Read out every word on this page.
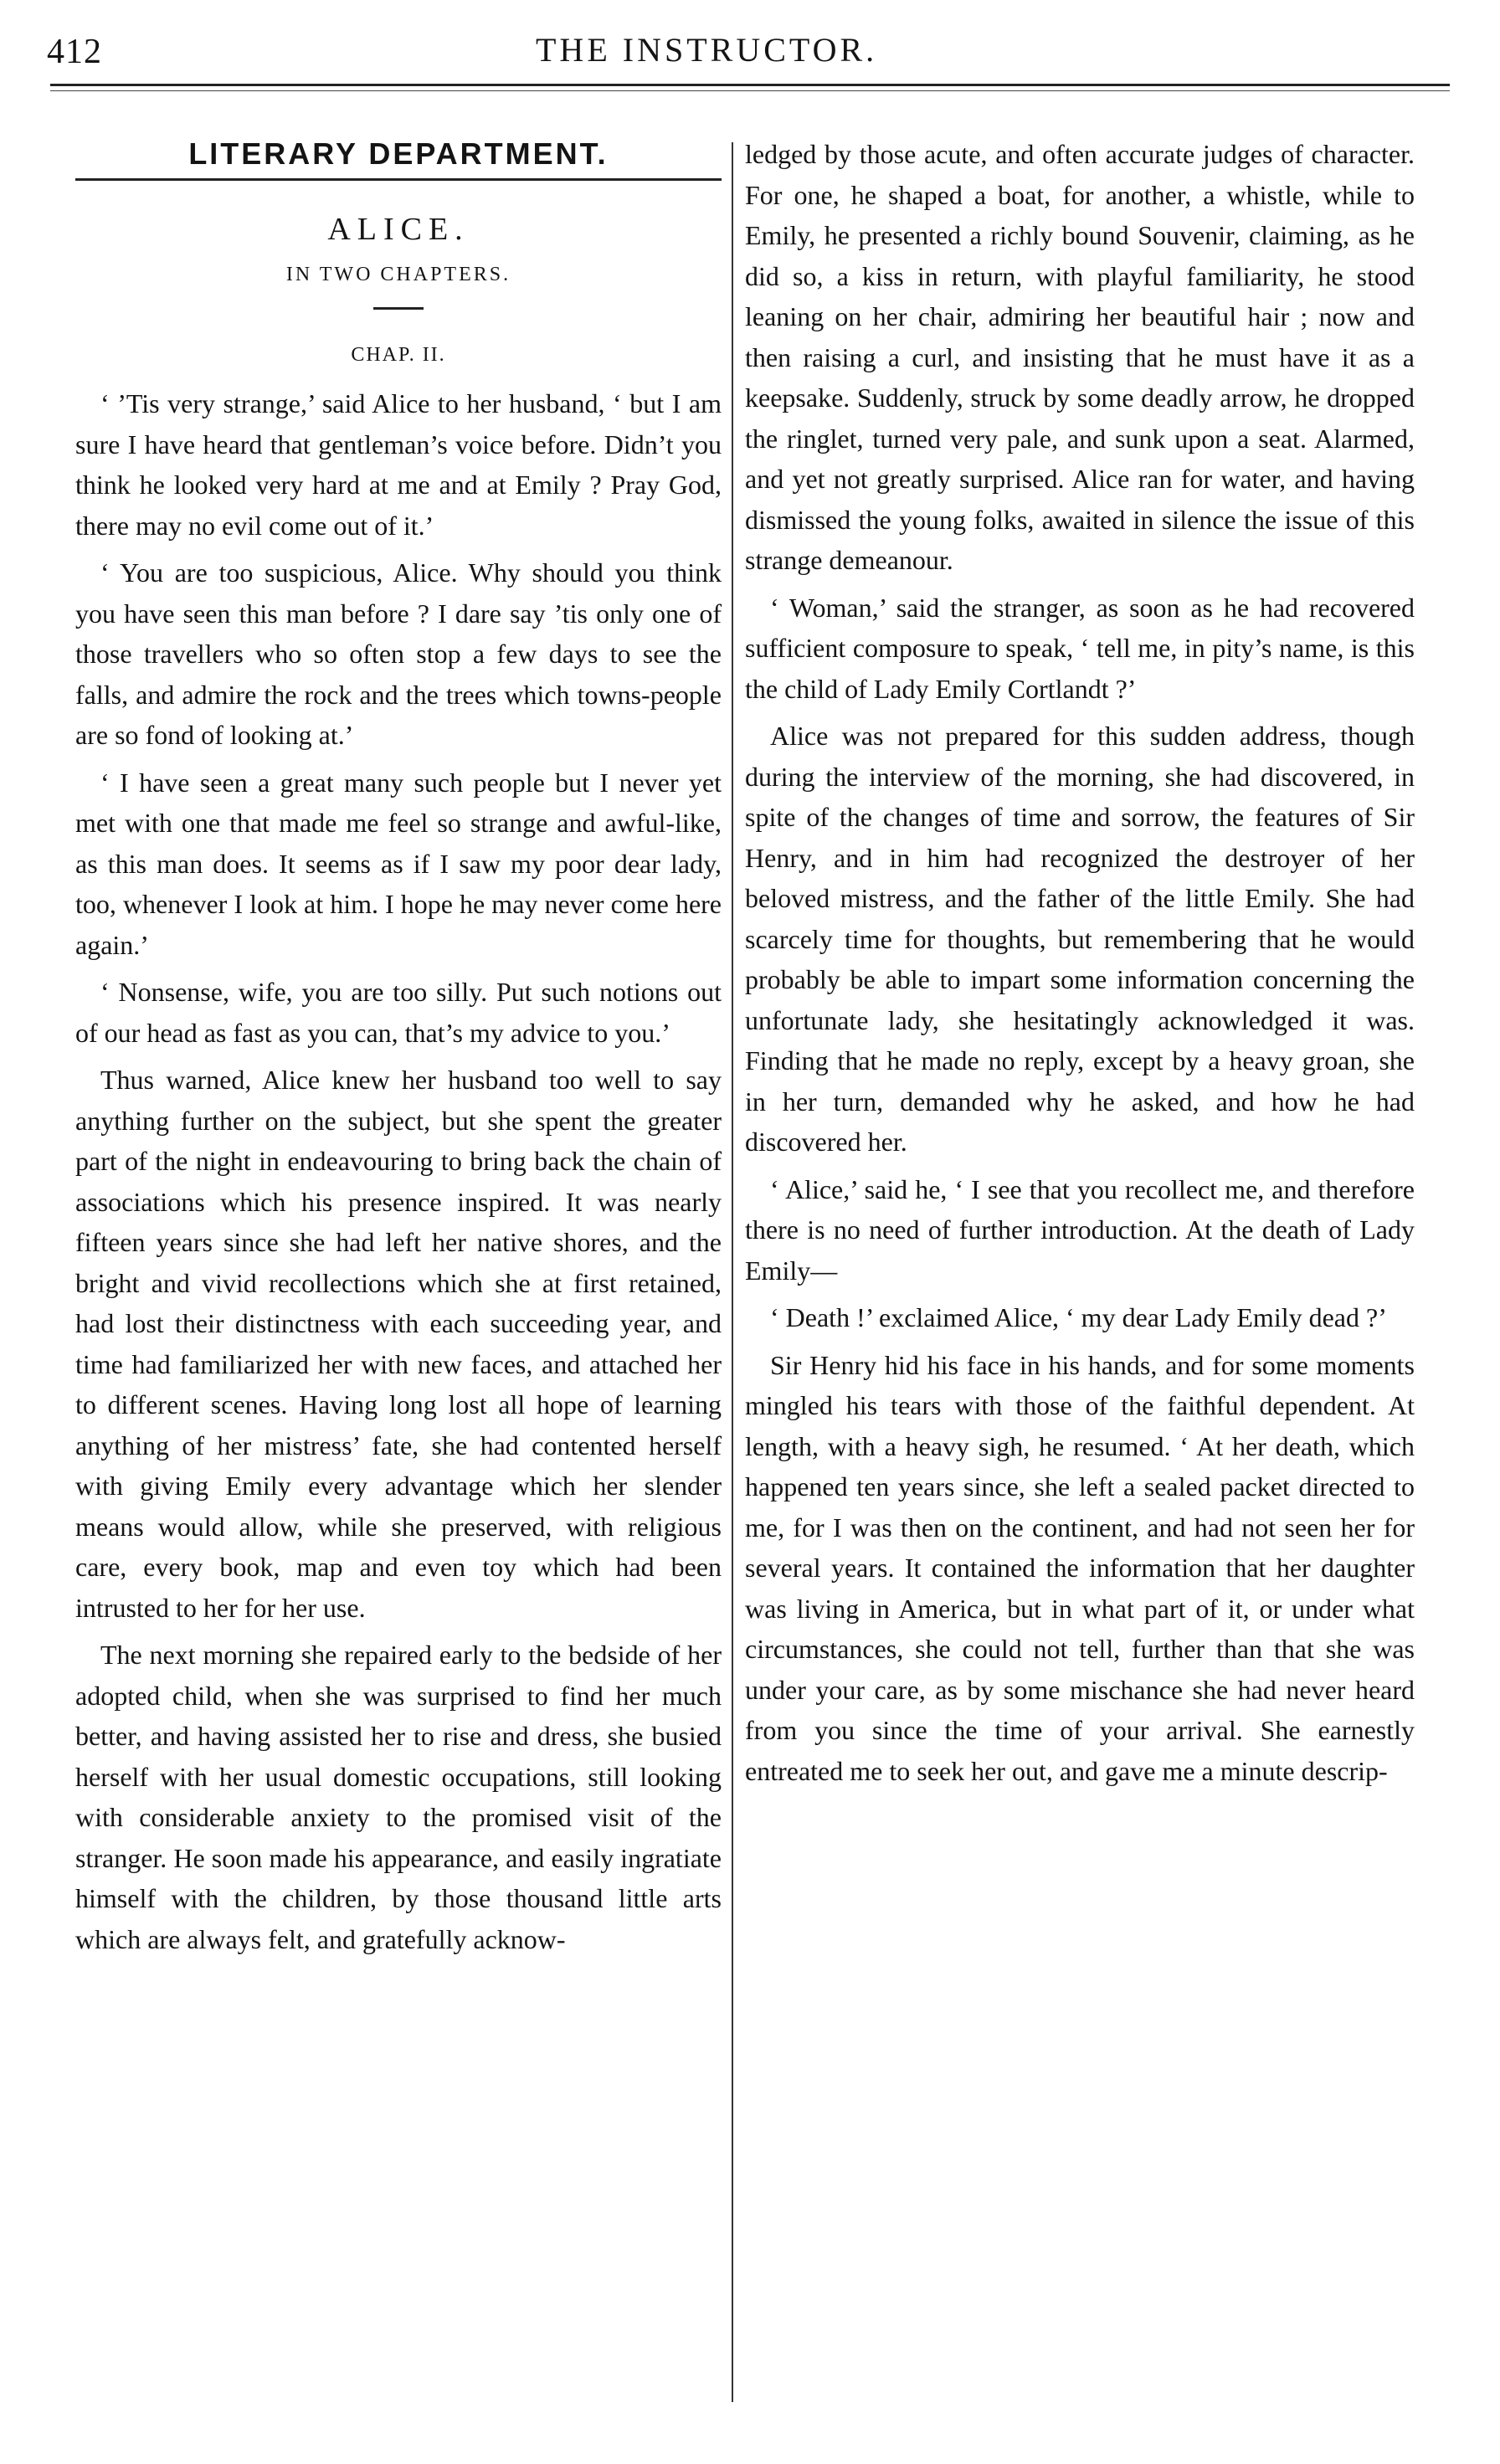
412	THE INSTRUCTOR.
LITERARY DEPARTMENT.
ALICE.
IN TWO CHAPTERS.
CHAP. II.

‘ ’Tis very strange,’ said Alice to her husband, ‘ but I am sure I have heard that gentleman’s voice before. Didn’t you think he looked very hard at me and at Emily ? Pray God, there may no evil come out of it.’

‘ You are too suspicious, Alice. Why should you think you have seen this man before ? I dare say ’tis only one of those travellers who so often stop a few days to see the falls, and admire the rock and the trees which towns-people are so fond of looking at.’

‘ I have seen a great many such people but I never yet met with one that made me feel so strange and awful-like, as this man does. It seems as if I saw my poor dear lady, too, whenever I look at him. I hope he may never come here again.’

‘ Nonsense, wife, you are too silly. Put such notions out of our head as fast as you can, that’s my advice to you.’

Thus warned, Alice knew her husband too well to say anything further on the subject, but she spent the greater part of the night in endeavouring to bring back the chain of associations which his presence inspired. It was nearly fifteen years since she had left her native shores, and the bright and vivid recollections which she at first retained, had lost their distinctness with each succeeding year, and time had familiarized her with new faces, and attached her to different scenes. Having long lost all hope of learning anything of her mistress’ fate, she had contented herself with giving Emily every advantage which her slender means would allow, while she preserved, with religious care, every book, map and even toy which had been intrusted to her for her use.

The next morning she repaired early to the bedside of her adopted child, when she was surprised to find her much better, and having assisted her to rise and dress, she busied herself with her usual domestic occupations, still looking with considerable anxiety to the promised visit of the stranger. He soon made his appearance, and easily ingratiate himself with the children, by those thousand little arts which are always felt, and gratefully acknow-

ledged by those acute, and often accurate judges of character. For one, he shaped a boat, for another, a whistle, while to Emily, he presented a richly bound Souvenir, claiming, as he did so, a kiss in return, with playful familiarity, he stood leaning on her chair, admiring her beautiful hair ; now and then raising a curl, and insisting that he must have it as a keepsake. Suddenly, struck by some deadly arrow, he dropped the ringlet, turned very pale, and sunk upon a seat. Alarmed, and yet not greatly surprised. Alice ran for water, and having dismissed the young folks, awaited in silence the issue of this strange demeanour.

‘ Woman,’ said the stranger, as soon as he had recovered sufficient composure to speak, ‘ tell me, in pity’s name, is this the child of Lady Emily Cortlandt ?’

Alice was not prepared for this sudden address, though during the interview of the morning, she had discovered, in spite of the changes of time and sorrow, the features of Sir Henry, and in him had recognized the destroyer of her beloved mistress, and the father of the little Emily. She had scarcely time for thoughts, but remembering that he would probably be able to impart some information concerning the unfortunate lady, she hesitatingly acknowledged it was. Finding that he made no reply, except by a heavy groan, she in her turn, demanded why he asked, and how he had discovered her.

‘ Alice,’ said he, ‘ I see that you recollect me, and therefore there is no need of further introduction. At the death of Lady Emily—

‘ Death !’ exclaimed Alice, ‘ my dear Lady Emily dead ?’

Sir Henry hid his face in his hands, and for some moments mingled his tears with those of the faithful dependent. At length, with a heavy sigh, he resumed. ‘ At her death, which happened ten years since, she left a sealed packet directed to me, for I was then on the continent, and had not seen her for several years. It contained the information that her daughter was living in America, but in what part of it, or under what circumstances, she could not tell, further than that she was under your care, as by some mischance she had never heard from you since the time of your arrival. She earnestly entreated me to seek her out, and gave me a minute descrip-
